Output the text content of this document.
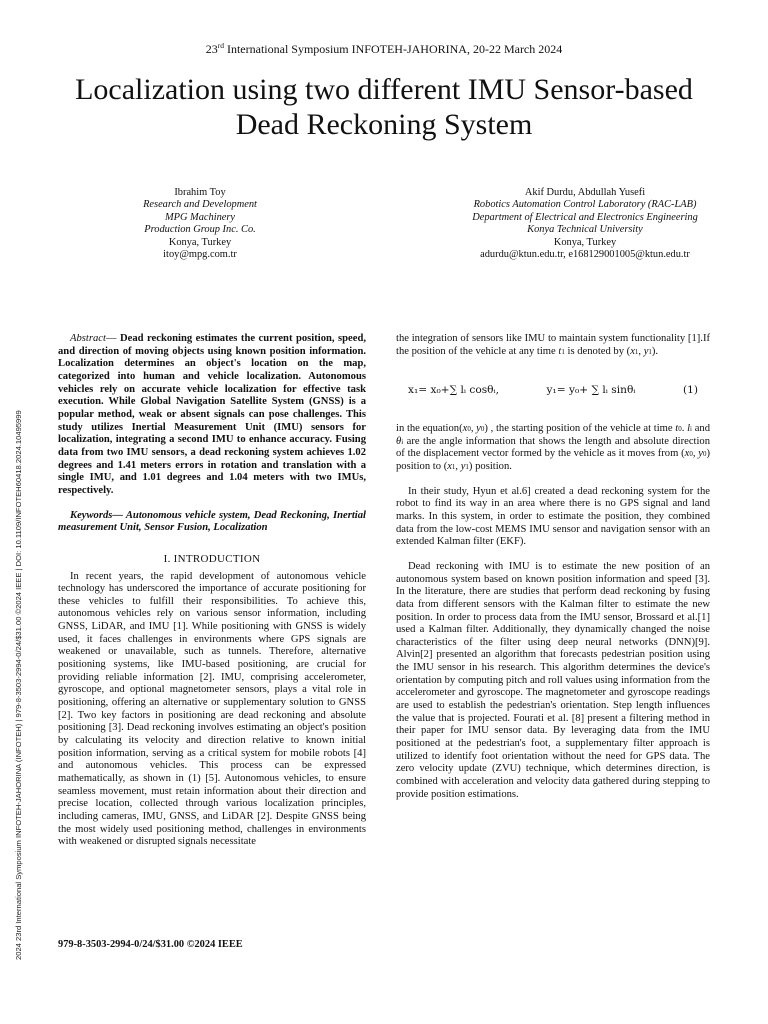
23rd International Symposium INFOTEH-JAHORINA, 20-22 March 2024
Localization using two different IMU Sensor-based Dead Reckoning System
Ibrahim Toy
Research and Development
MPG Machinery
Production Group Inc. Co.
Konya, Turkey
itoy@mpg.com.tr
Akif Durdu, Abdullah Yusefi
Robotics Automation Control Laboratory (RAC-LAB)
Department of Electrical and Electronics Engineering
Konya Technical University
Konya, Turkey
adurdu@ktun.edu.tr, e168129001005@ktun.edu.tr

Abstract— Dead reckoning estimates the current position, speed, and direction of moving objects using known position information. Localization determines an object's location on the map, categorized into human and vehicle localization. Autonomous vehicles rely on accurate vehicle localization for effective task execution. While Global Navigation Satellite System (GNSS) is a popular method, weak or absent signals can pose challenges. This study utilizes Inertial Measurement Unit (IMU) sensors for localization, integrating a second IMU to enhance accuracy. Fusing data from two IMU sensors, a dead reckoning system achieves 1.02 degrees and 1.41 meters errors in rotation and translation with a single IMU, and 1.01 degrees and 1.04 meters with two IMUs, respectively.

Keywords— Autonomous vehicle system, Dead Reckoning, Inertial measurement Unit, Sensor Fusion, Localization

I. INTRODUCTION

In recent years, the rapid development of autonomous vehicle technology has underscored the importance of accurate positioning for these vehicles to fulfill their responsibilities. To achieve this, autonomous vehicles rely on various sensor information, including GNSS, LiDAR, and IMU [1]. While positioning with GNSS is widely used, it faces challenges in environments where GPS signals are weakened or unavailable, such as tunnels. Therefore, alternative positioning systems, like IMU-based positioning, are crucial for providing reliable information [2]. IMU, comprising accelerometer, gyroscope, and optional magnetometer sensors, plays a vital role in positioning, offering an alternative or supplementary solution to GNSS [2]. Two key factors in positioning are dead reckoning and absolute positioning [3]. Dead reckoning involves estimating an object's position by calculating its velocity and direction relative to known initial position information, serving as a critical system for mobile robots [4] and autonomous vehicles. This process can be expressed mathematically, as shown in (1) [5]. Autonomous vehicles, to ensure seamless movement, must retain information about their direction and precise location, collected through various localization principles, including cameras, IMU, GNSS, and LiDAR [2]. Despite GNSS being the most widely used positioning method, challenges in environments with weakened or disrupted signals necessitate

the integration of sensors like IMU to maintain system functionality [1].If the position of the vehicle at any time t1 is denoted by (x1, y1).

x₁= x₀+∑ lᵢ cosθᵢ,	y₁= y₀+ ∑ lᵢ sinθᵢ	(1)

in the equation(x0, y0) , the starting position of the vehicle at time t0. li and θi are the angle information that shows the length and absolute direction of the displacement vector formed by the vehicle as it moves from (x0, y0) position to (x1, y1) position.

In their study, Hyun et al.6] created a dead reckoning system for the robot to find its way in an area where there is no GPS signal and land marks. In this system, in order to estimate the position, they combined data from the low-cost MEMS IMU sensor and navigation sensor with an extended Kalman filter (EKF).

Dead reckoning with IMU is to estimate the new position of an autonomous system based on known position information and speed [3]. In the literature, there are studies that perform dead reckoning by fusing data from different sensors with the Kalman filter to estimate the new position. In order to process data from the IMU sensor, Brossard et al.[1] used a Kalman filter. Additionally, they dynamically changed the noise characteristics of the filter using deep neural networks (DNN)[9]. Alvin[2] presented an algorithm that forecasts pedestrian position using the IMU sensor in his research. This algorithm determines the device's orientation by computing pitch and roll values using information from the accelerometer and gyroscope. The magnetometer and gyroscope readings are used to establish the pedestrian's orientation. Step length influences the value that is projected. Fourati et al. [8] present a filtering method in their paper for IMU sensor data. By leveraging data from the IMU positioned at the pedestrian's foot, a supplementary filter approach is utilized to identify foot orientation without the need for GPS data. The zero velocity update (ZVU) technique, which determines direction, is combined with acceleration and velocity data gathered during stepping to provide position estimations.

979-8-3503-2994-0/24/$31.00 ©2024 IEEE
2024 23rd International Symposium INFOTEH-JAHORINA (INFOTEH) | 979-8-3503-2994-0/24/$31.00 ©2024 IEEE | DOI: 10.1109/INFOTEH60418.2024.10495999
